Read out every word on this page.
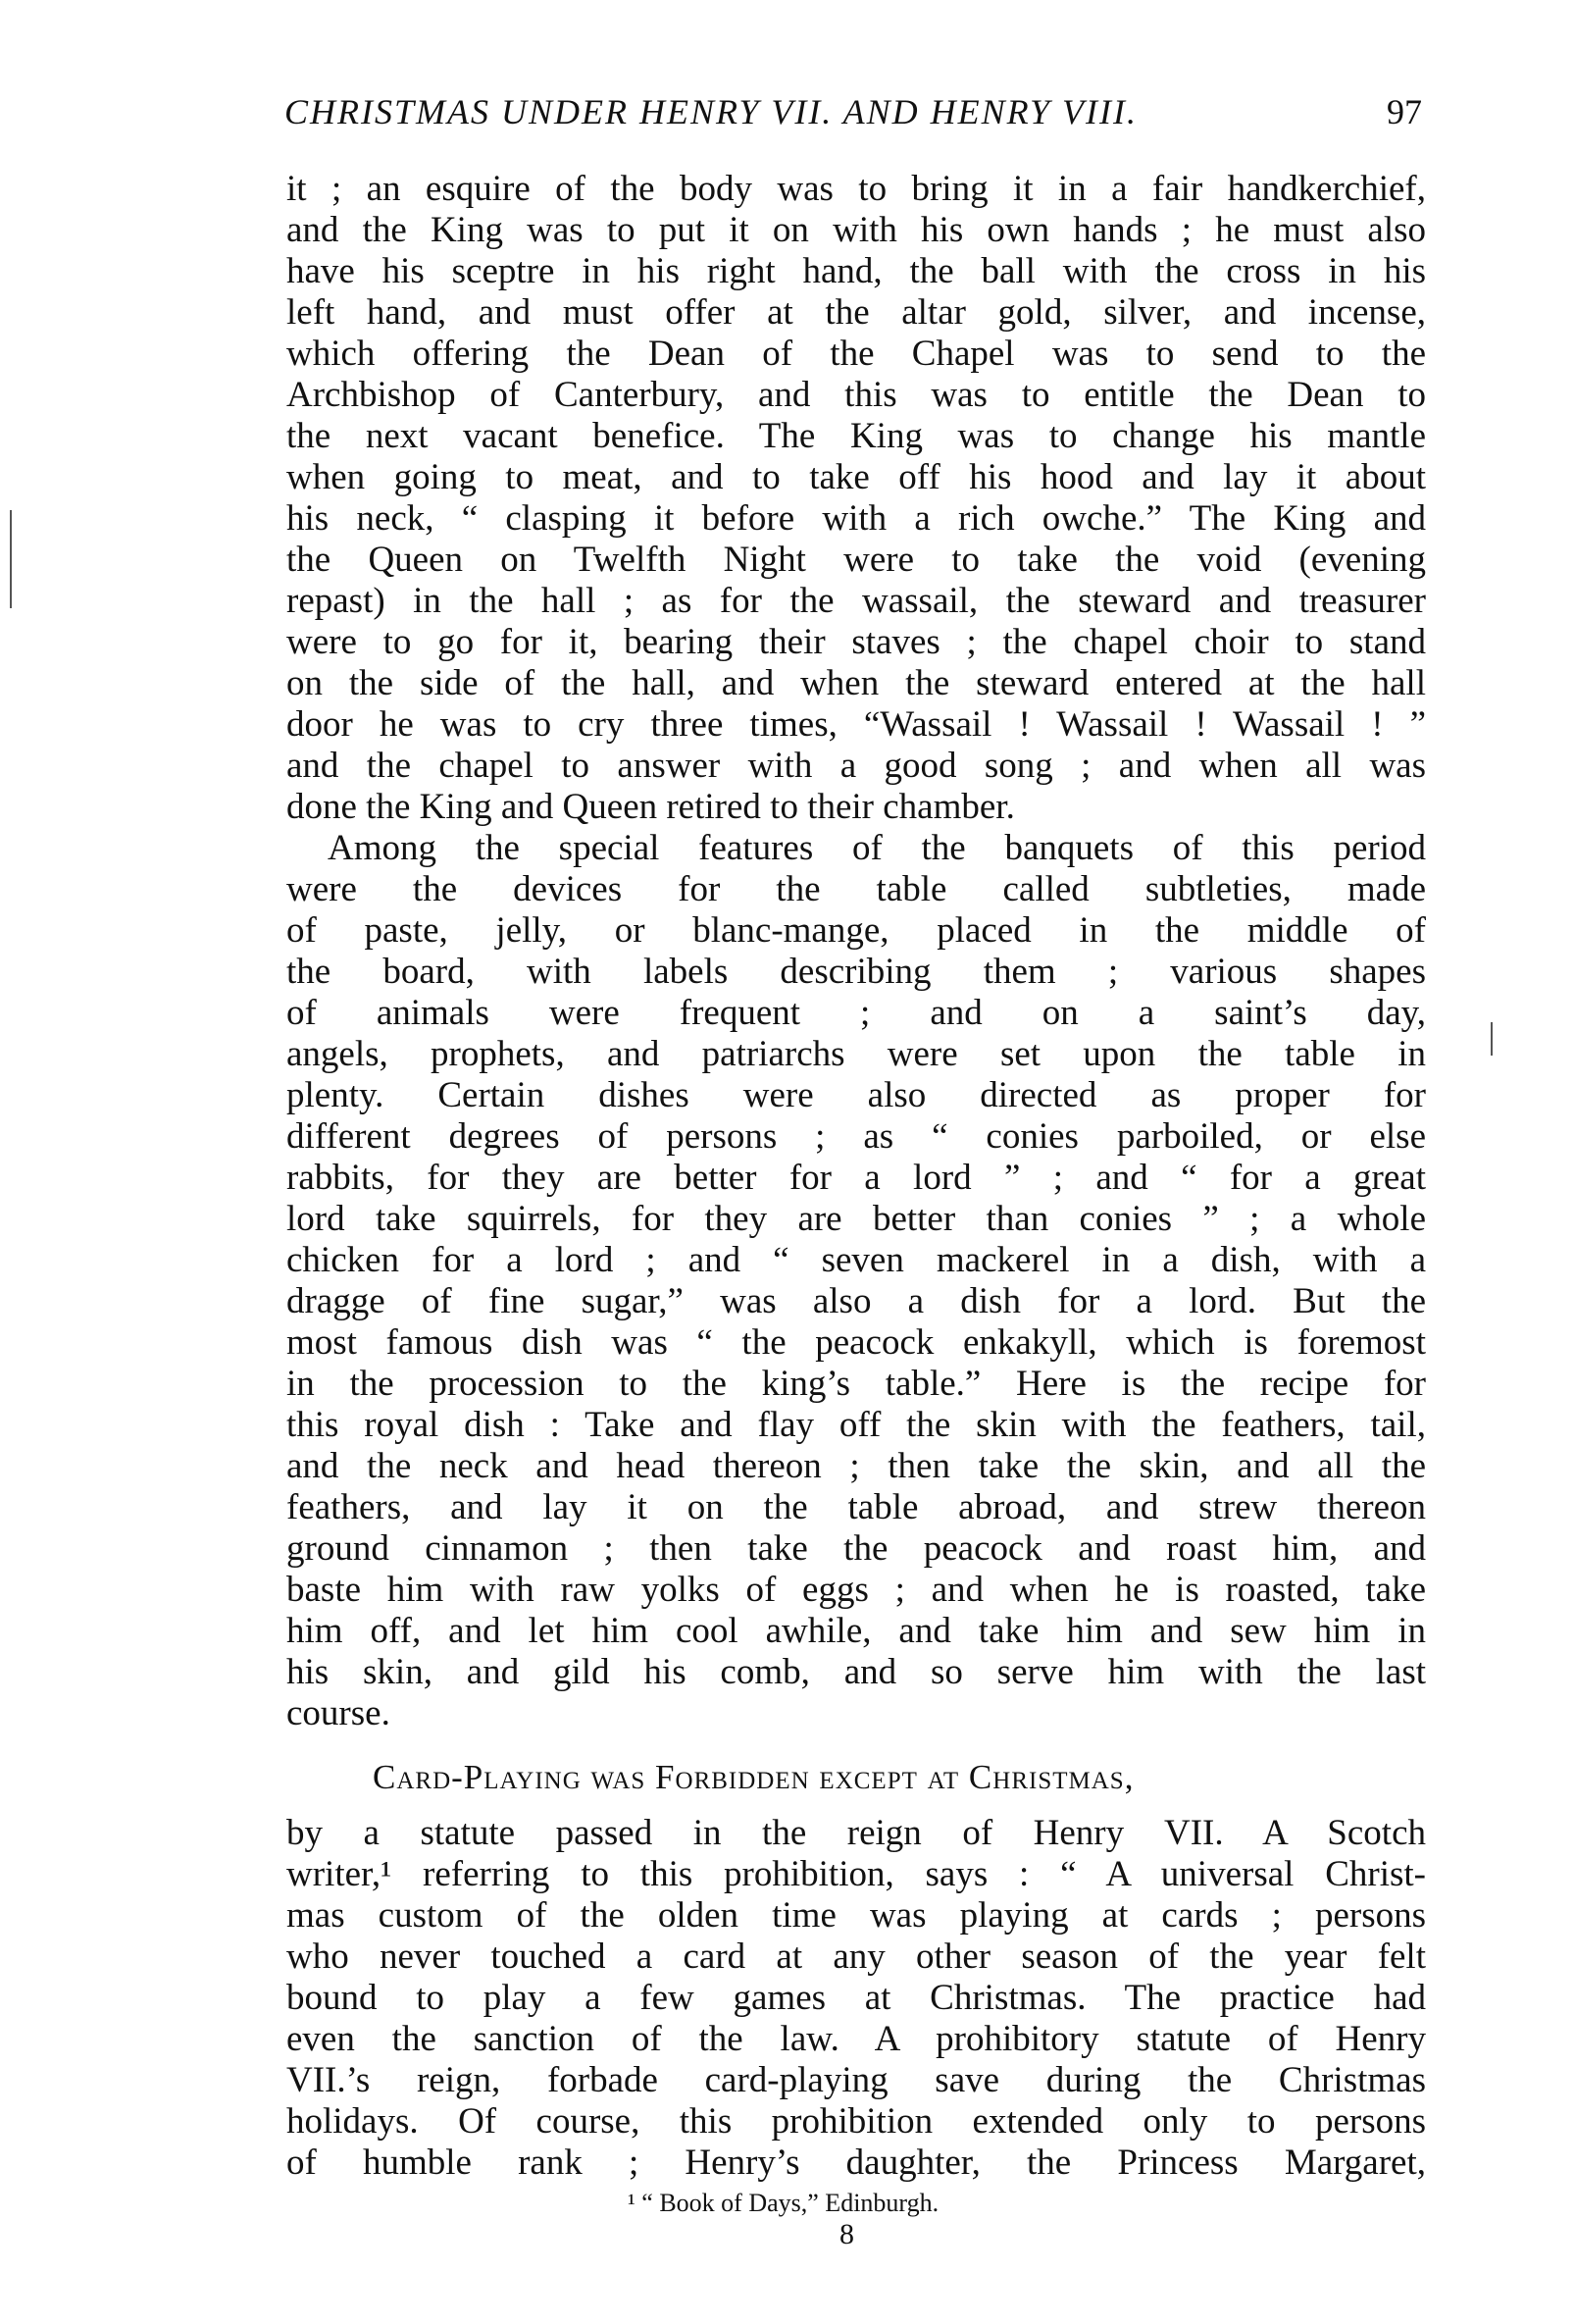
CHRISTMAS UNDER HENRY VII. AND HENRY VIII.	97
it ; an esquire of the body was to bring it in a fair handkerchief,
and the King was to put it on with his own hands ; he must also
have his sceptre in his right hand, the ball with the cross in his
left hand, and must offer at the altar gold, silver, and incense,
which offering the Dean of the Chapel was to send to the
Archbishop of Canterbury, and this was to entitle the Dean to
the next vacant benefice. The King was to change his mantle
when going to meat, and to take off his hood and lay it about
his neck, “ clasping it before with a rich owche.” The King and
the Queen on Twelfth Night were to take the void (evening
repast) in the hall ; as for the wassail, the steward and treasurer
were to go for it, bearing their staves ; the chapel choir to stand
on the side of the hall, and when the steward entered at the hall
door he was to cry three times, “Wassail ! Wassail ! Wassail ! ”
and the chapel to answer with a good song ; and when all was
done the King and Queen retired to their chamber.
Among the special features of the banquets of this period
were the devices for the table called subtleties, made
of paste, jelly, or blanc-mange, placed in the middle of
the board, with labels describing them ; various shapes
of animals were frequent ; and on a saint’s day,
angels, prophets, and patriarchs were set upon the table in
plenty. Certain dishes were also directed as proper for
different degrees of persons ; as “ conies parboiled, or else
rabbits, for they are better for a lord ” ; and “ for a great
lord take squirrels, for they are better than conies ” ; a whole
chicken for a lord ; and “ seven mackerel in a dish, with a
dragge of fine sugar,” was also a dish for a lord. But the
most famous dish was “ the peacock enkakyll, which is foremost
in the procession to the king’s table.” Here is the recipe for
this royal dish : Take and flay off the skin with the feathers, tail,
and the neck and head thereon ; then take the skin, and all the
feathers, and lay it on the table abroad, and strew thereon
ground cinnamon ; then take the peacock and roast him, and
baste him with raw yolks of eggs ; and when he is roasted, take
him off, and let him cool awhile, and take him and sew him in
his skin, and gild his comb, and so serve him with the last
course.
Card-Playing was Forbidden except at Christmas,
by a statute passed in the reign of Henry VII. A Scotch
writer,¹ referring to this prohibition, says : “ A universal Christ-
mas custom of the olden time was playing at cards ; persons
who never touched a card at any other season of the year felt
bound to play a few games at Christmas. The practice had
even the sanction of the law. A prohibitory statute of Henry
VII.’s reign, forbade card-playing save during the Christmas
holidays. Of course, this prohibition extended only to persons
of humble rank ; Henry’s daughter, the Princess Margaret,
¹ “ Book of Days,” Edinburgh.
8
